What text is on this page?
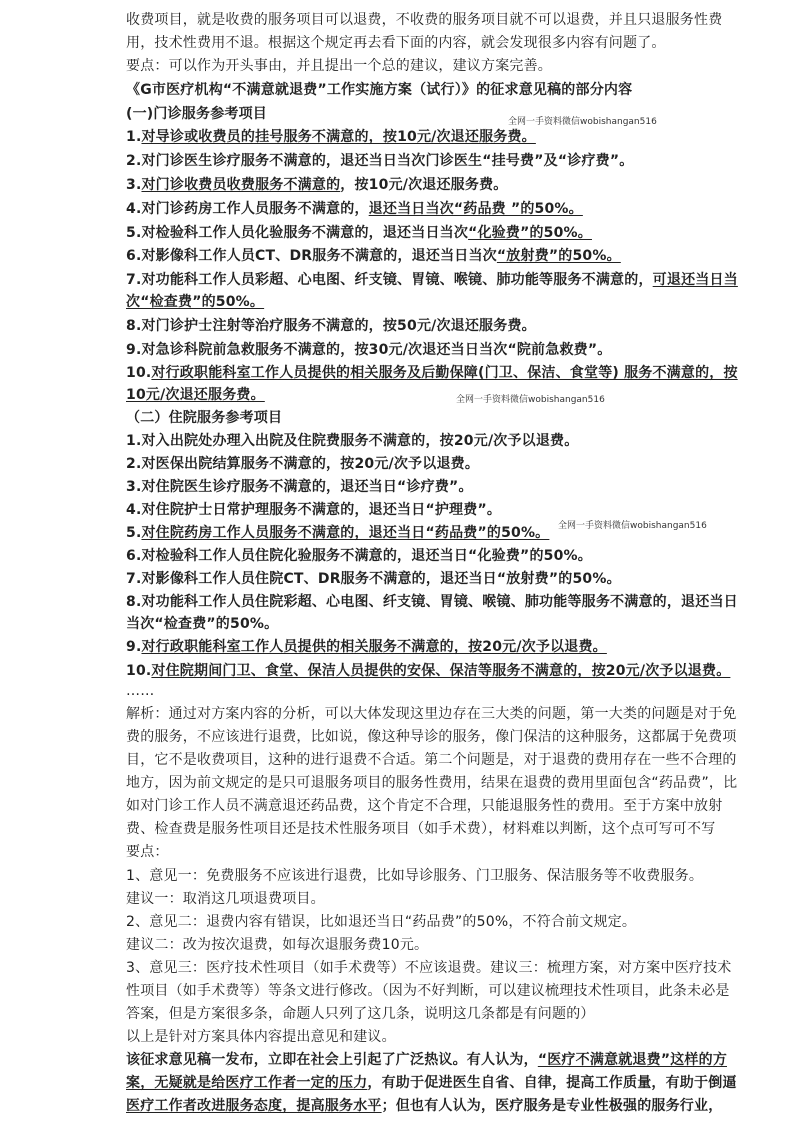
收费项目，就是收费的服务项目可以退费，不收费的服务项目就不可以退费，并且只退服务性费
用，技术性费用不退。根据这个规定再去看下面的内容，就会发现很多内容有问题了。
要点：可以作为开头事由，并且提出一个总的建议，建议方案完善。
《G市医疗机构“不满意就退费”工作实施方案（试行）》的征求意见稿的部分内容
(一)门诊服务参考项目	全网一手资料微信wobishangan516
1.对导诊或收费员的挂号服务不满意的，按10元/次退还服务费。
2.对门诊医生诊疗服务不满意的，退还当日当次门诊医生“挂号费”及“诊疗费”。
3.对门诊收费员收费服务不满意的，按10元/次退还服务费。
4.对门诊药房工作人员服务不满意的，退还当日当次“药品费 ”的50%。
5.对检验科工作人员化验服务不满意的，退还当日当次“化验费”的50%。
6.对影像科工作人员CT、DR服务不满意的，退还当日当次“放射费”的50%。
7.对功能科工作人员彩超、心电图、纤支镜、胃镜、喉镜、肺功能等服务不满意的，可退还当日当
次“检查费”的50%。
8.对门诊护士注射等治疗服务不满意的，按50元/次退还服务费。
9.对急诊科院前急救服务不满意的，按30元/次退还当日当次“院前急救费”。
10.对行政职能科室工作人员提供的相关服务及后勤保障(门卫、保洁、食堂等) 服务不满意的，按
10元/次退还服务费。	全网一手资料微信wobishangan516
（二）住院服务参考项目
1.对入出院处办理入出院及住院费服务不满意的，按20元/次予以退费。
2.对医保出院结算服务不满意的，按20元/次予以退费。
3.对住院医生诊疗服务不满意的，退还当日“诊疗费”。
4.对住院护士日常护理服务不满意的，退还当日“护理费”。
5.对住院药房工作人员服务不满意的，退还当日“药品费”的50%。 全网一手资料微信wobishangan516
6.对检验科工作人员住院化验服务不满意的，退还当日“化验费”的50%。
7.对影像科工作人员住院CT、DR服务不满意的，退还当日“放射费”的50%。
8.对功能科工作人员住院彩超、心电图、纤支镜、胃镜、喉镜、肺功能等服务不满意的，退还当日
当次“检查费”的50%。
9.对行政职能科室工作人员提供的相关服务不满意的，按20元/次予以退费。
10.对住院期间门卫、食堂、保洁人员提供的安保、保洁等服务不满意的，按20元/次予以退费。
……
解析：通过对方案内容的分析，可以大体发现这里边存在三大类的问题，第一大类的问题是对于免
费的服务，不应该进行退费，比如说，像这种导诊的服务，像门保洁的这种服务，这都属于免费项
目，它不是收费项目，这种的进行退费不合适。第二个问题是，对于退费的费用存在一些不合理的
地方，因为前文规定的是只可退服务项目的服务性费用，结果在退费的费用里面包含“药品费”，比
如对门诊工作人员不满意退还药品费，这个肯定不合理，只能退服务性的费用。至于方案中放射
费、检查费是服务性项目还是技术性服务项目（如手术费），材料难以判断，这个点可写可不写
要点：
1、意见一：免费服务不应该进行退费，比如导诊服务、门卫服务、保洁服务等不收费服务。
建议一：取消这几项退费项目。
2、意见二：退费内容有错误，比如退还当日“药品费”的50%，不符合前文规定。
建议二：改为按次退费，如每次退服务费10元。
3、意见三：医疗技术性项目（如手术费等）不应该退费。建议三：梳理方案，对方案中医疗技术
性项目（如手术费等）等条文进行修改。（因为不好判断，可以建议梳理技术性项目，此条未必是
答案，但是方案很多条，命题人只列了这几条，说明这几条都是有问题的）
以上是针对方案具体内容提出意见和建议。
该征求意见稿一发布，立即在社会上引起了广泛热议。有人认为，“医疗不满意就退费”这样的方
案，无疑就是给医疗工作者一定的压力，有助于促进医生自省、自律，提高工作质量，有助于倒逼
医疗工作者改进服务态度，提高服务水平；但也有人认为，医疗服务是专业性极强的服务行业，
